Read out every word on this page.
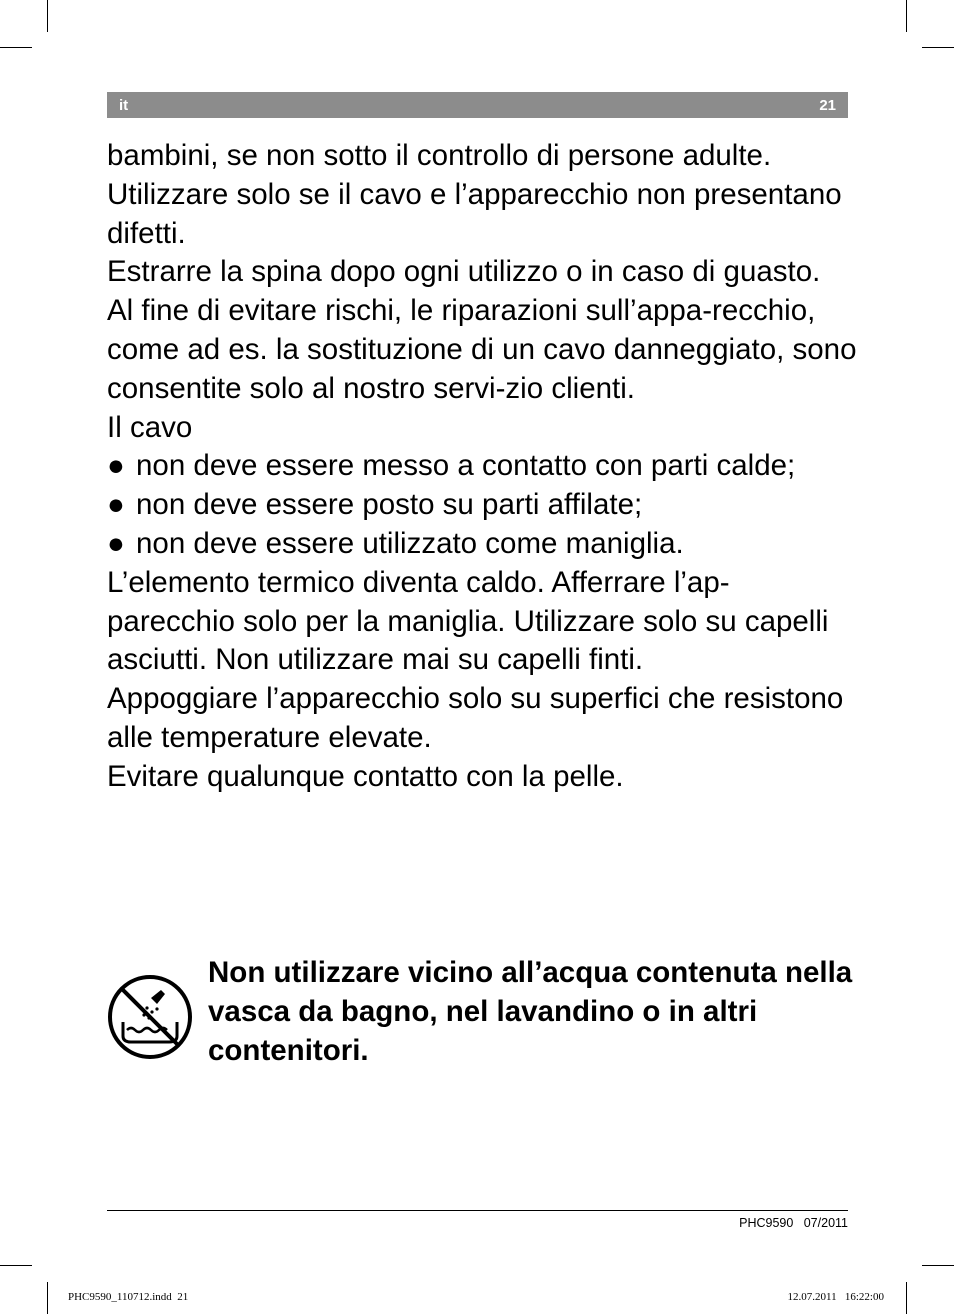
it	21

bambini, se non sotto il controllo di persone adulte.

Utilizzare solo se il cavo e l’apparecchio non presentano difetti.

Estrarre la spina dopo ogni utilizzo o in caso di guasto.

Al fine di evitare rischi, le riparazioni sull’appa-recchio, come ad es. la sostituzione di un cavo danneggiato, sono consentite solo al nostro servi-zio clienti.

Il cavo

● non deve essere messo a contatto con parti calde;
● non deve essere posto su parti affilate;
● non deve essere utilizzato come maniglia.

L’elemento termico diventa caldo. Afferrare l’ap-parecchio solo per la maniglia. Utilizzare solo su capelli asciutti. Non utilizzare mai su capelli finti.

Appoggiare l’apparecchio solo su superfici che resistono alle temperature elevate.

Evitare qualunque contatto con la pelle.

Non utilizzare vicino all’acqua contenuta nella vasca da bagno, nel lavandino o in altri contenitori.
PHC9590 07/2011
PHC9590_110712.indd 21	12.07.2011 16:22:00
